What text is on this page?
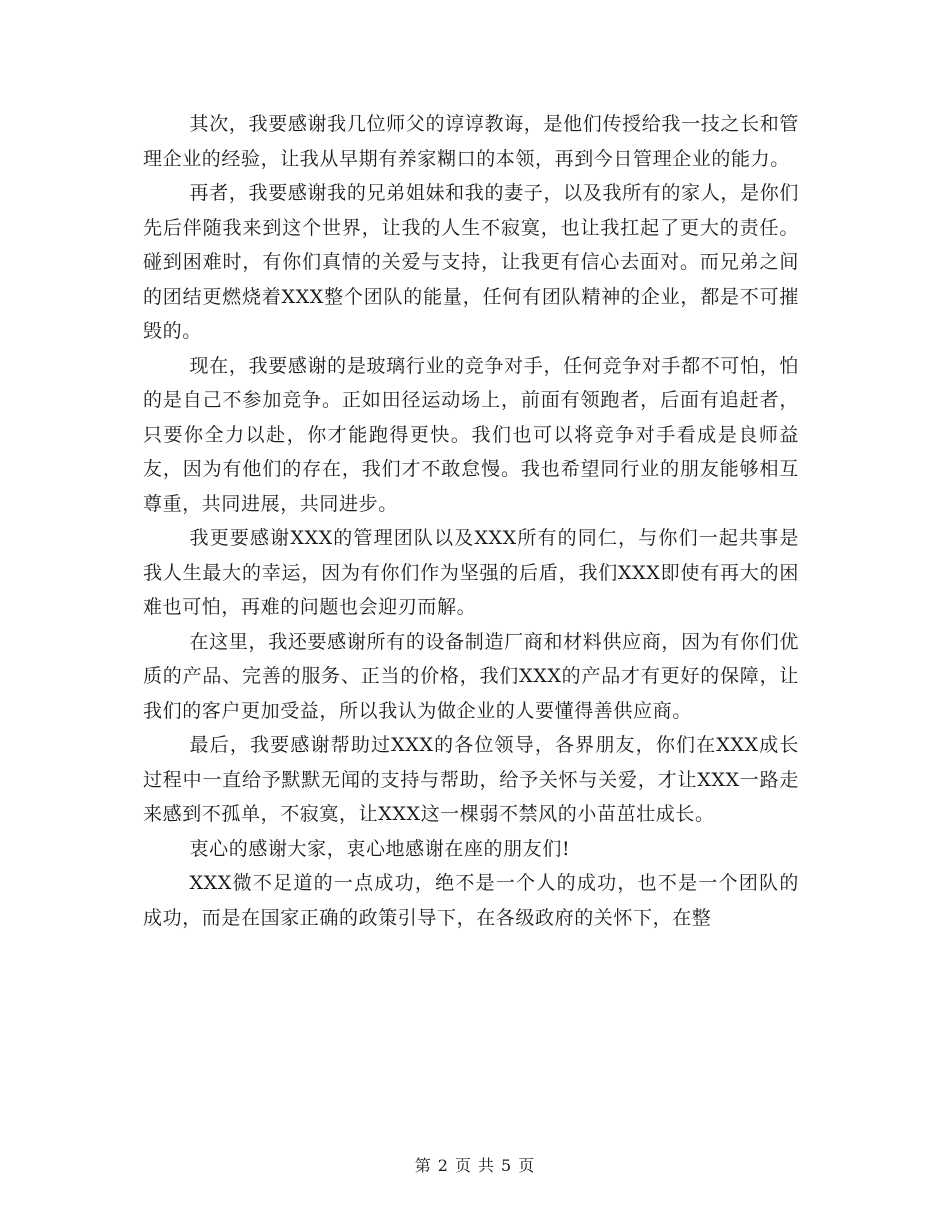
其次，我要感谢我几位师父的谆谆教诲，是他们传授给我一技之长和管理企业的经验，让我从早期有养家糊口的本领，再到今日管理企业的能力。

再者，我要感谢我的兄弟姐妹和我的妻子，以及我所有的家人，是你们先后伴随我来到这个世界，让我的人生不寂寞，也让我扛起了更大的责任。碰到困难时，有你们真情的关爱与支持，让我更有信心去面对。而兄弟之间的团结更燃烧着XXX整个团队的能量，任何有团队精神的企业，都是不可摧毁的。

现在，我要感谢的是玻璃行业的竞争对手，任何竞争对手都不可怕，怕的是自己不参加竞争。正如田径运动场上，前面有领跑者，后面有追赶者，只要你全力以赴，你才能跑得更快。我们也可以将竞争对手看成是良师益友，因为有他们的存在，我们才不敢怠慢。我也希望同行业的朋友能够相互尊重，共同进展，共同进步。

我更要感谢XXX的管理团队以及XXX所有的同仁，与你们一起共事是我人生最大的幸运，因为有你们作为坚强的后盾，我们XXX即使有再大的困难也可怕，再难的问题也会迎刃而解。

在这里，我还要感谢所有的设备制造厂商和材料供应商，因为有你们优质的产品、完善的服务、正当的价格，我们XXX的产品才有更好的保障，让我们的客户更加受益，所以我认为做企业的人要懂得善供应商。

最后，我要感谢帮助过XXX的各位领导，各界朋友，你们在XXX成长过程中一直给予默默无闻的支持与帮助，给予关怀与关爱，才让XXX一路走来感到不孤单，不寂寞，让XXX这一棵弱不禁风的小苗茁壮成长。

衷心的感谢大家，衷心地感谢在座的朋友们!

XXX微不足道的一点成功，绝不是一个人的成功，也不是一个团队的成功，而是在国家正确的政策引导下，在各级政府的关怀下，在整

第 2 页 共 5 页
